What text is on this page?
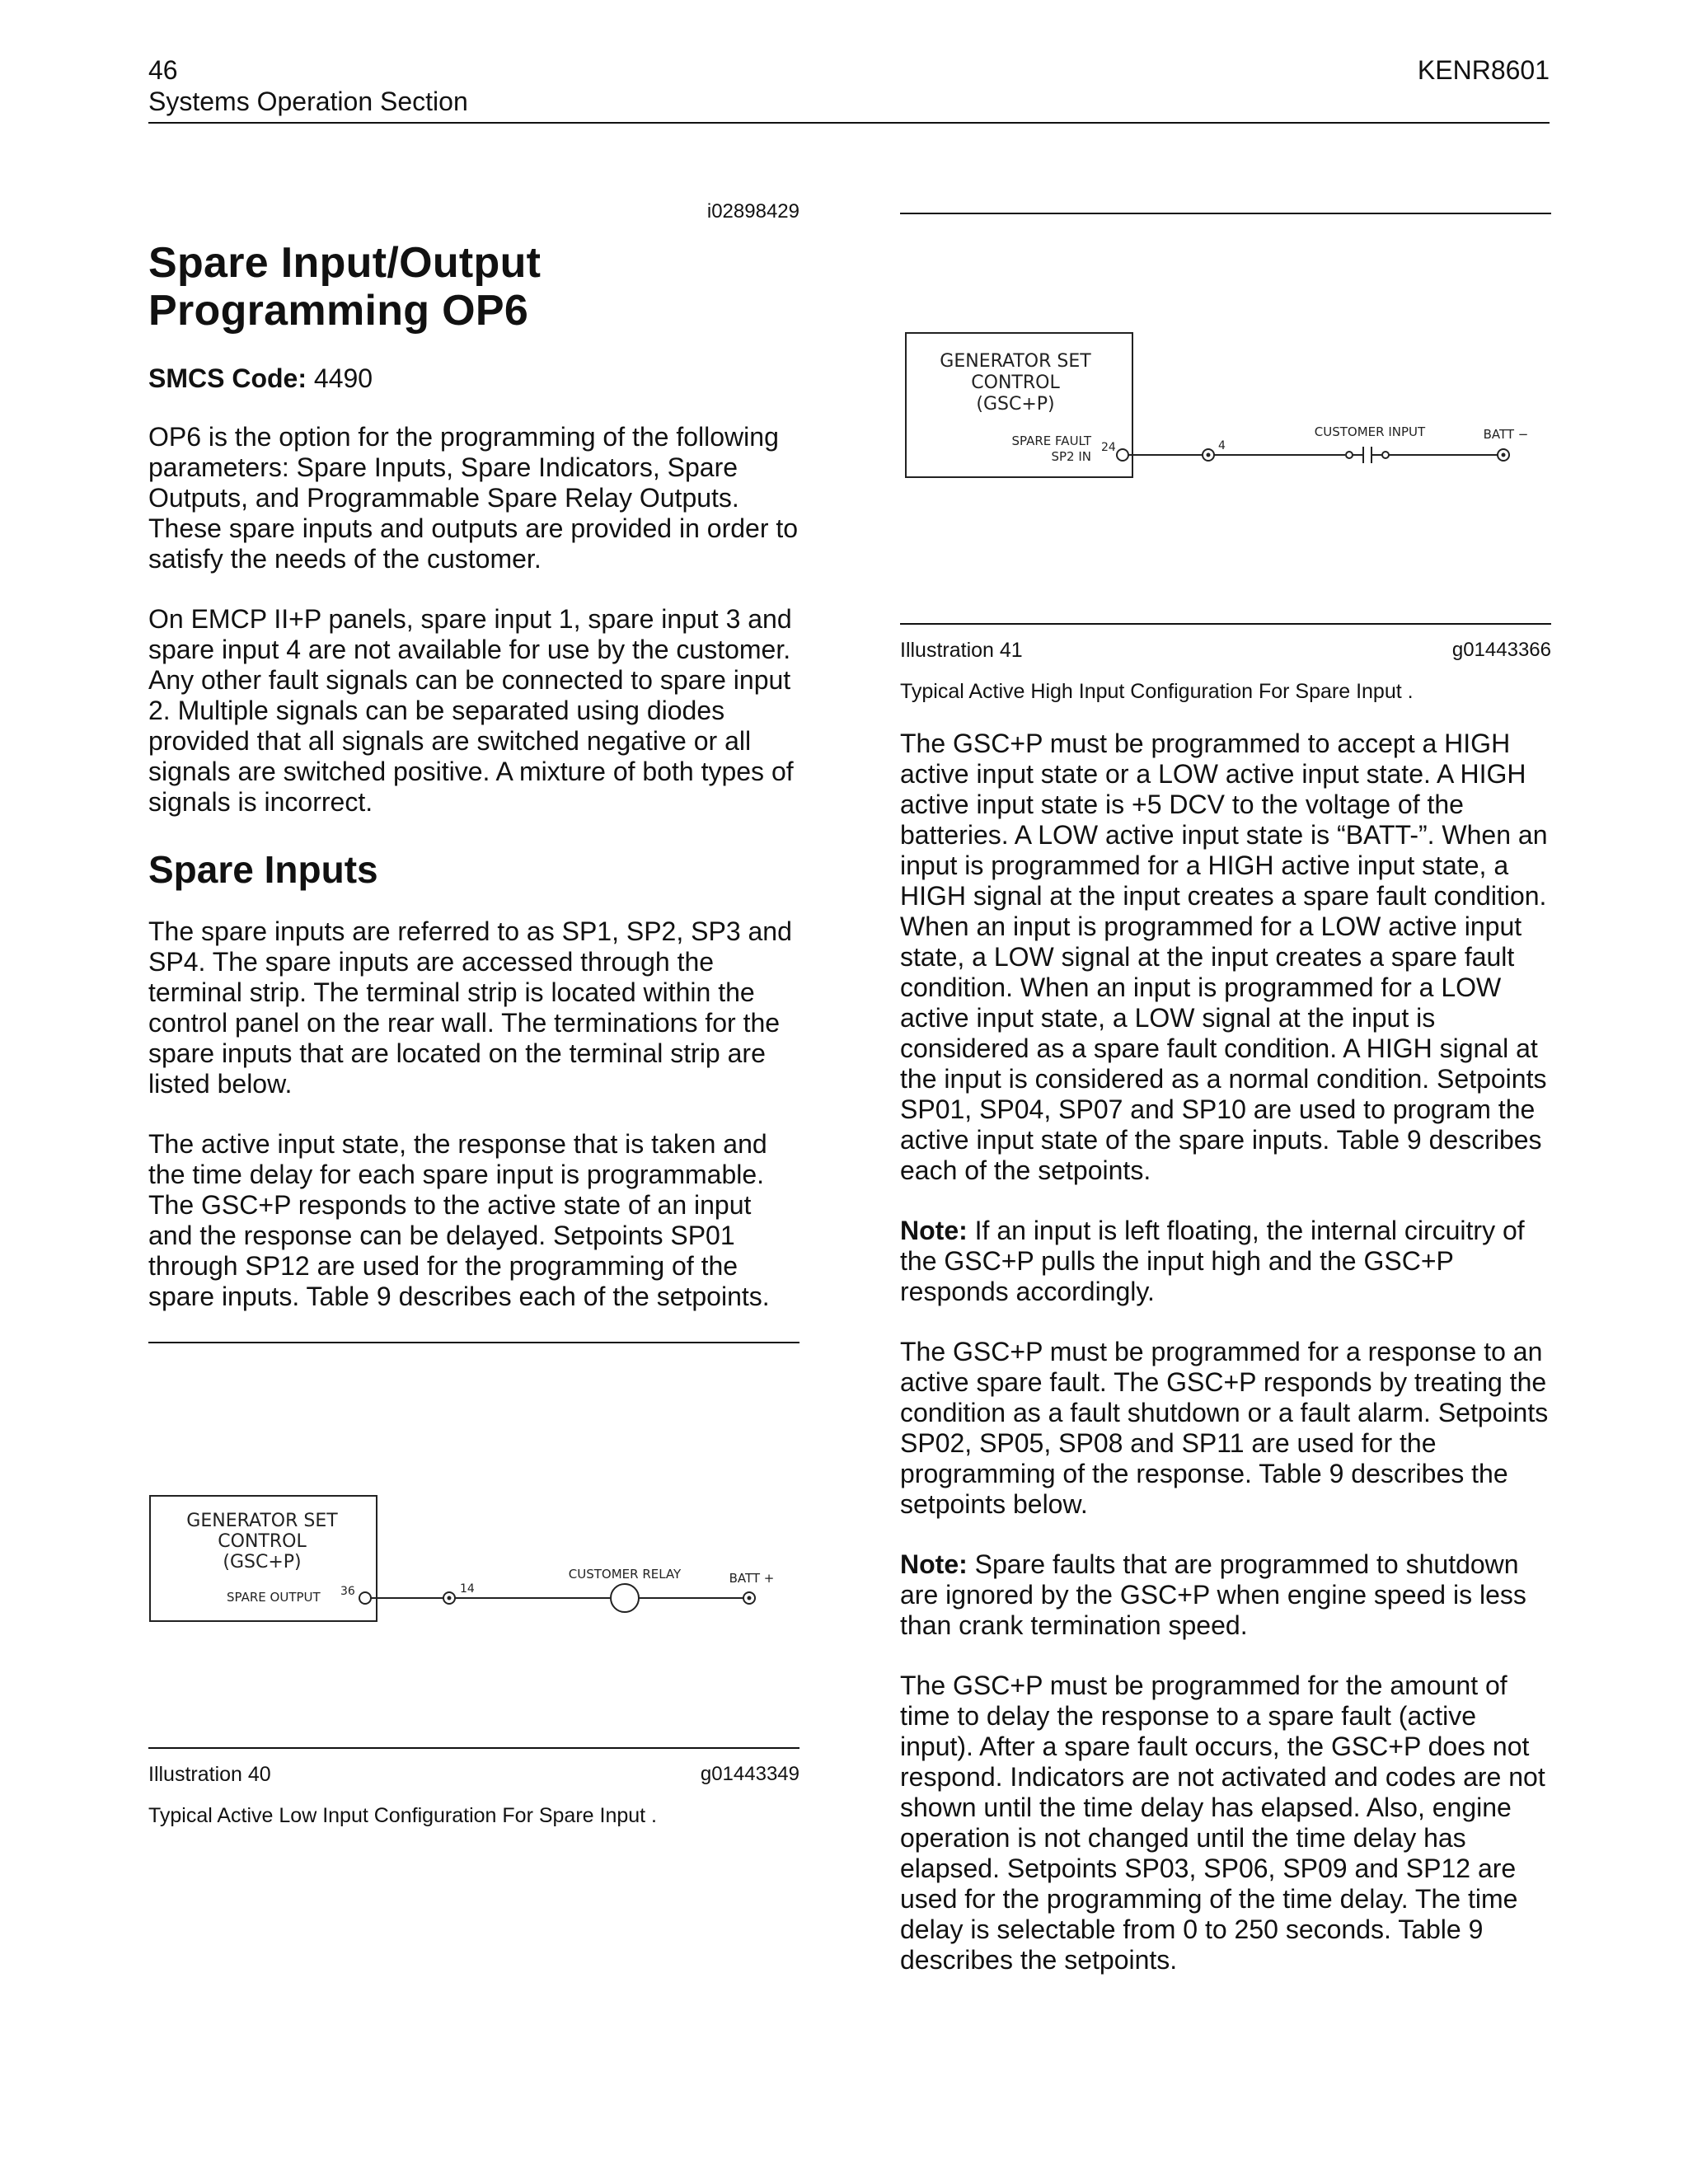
46	KENR8601
Systems Operation Section
i02898429
Spare Input/Output
Programming OP6
SMCS Code: 4490

OP6 is the option for the programming of the following parameters: Spare Inputs, Spare Indicators, Spare Outputs, and Programmable Spare Relay Outputs. These spare inputs and outputs are provided in order to satisfy the needs of the customer.

On EMCP II+P panels, spare input 1, spare input 3 and spare input 4 are not available for use by the customer. Any other fault signals can be connected to spare input 2. Multiple signals can be separated using diodes provided that all signals are switched negative or all signals are switched positive. A mixture of both types of signals is incorrect.

Spare Inputs

The spare inputs are referred to as SP1, SP2, SP3 and SP4. The spare inputs are accessed through the terminal strip. The terminal strip is located within the control panel on the rear wall. The terminations for the spare inputs that are located on the terminal strip are listed below.

The active input state, the response that is taken and the time delay for each spare input is programmable. The GSC+P responds to the active state of an input and the response can be delayed. Setpoints SP01 through SP12 are used for the programming of the spare inputs. Table 9 describes each of the setpoints.

GENERATOR SET
CONTROL
(GSC+P)
SPARE OUTPUT 36	14
CUSTOMER RELAY	BATT +
Illustration 40	g01443349
Typical Active Low Input Configuration For Spare Input .
GENERATOR SET
CONTROL
(GSC+P)
SPARE FAULT
SP2 IN
24	4
CUSTOMER INPUT	BATT −
Illustration 41	g01443366
Typical Active High Input Configuration For Spare Input .

The GSC+P must be programmed to accept a HIGH active input state or a LOW active input state. A HIGH active input state is +5 DCV to the voltage of the batteries. A LOW active input state is “BATT-”. When an input is programmed for a HIGH active input state, a HIGH signal at the input creates a spare fault condition. When an input is programmed for a LOW active input state, a LOW signal at the input creates a spare fault condition. When an input is programmed for a LOW active input state, a LOW signal at the input is considered as a spare fault condition. A HIGH signal at the input is considered as a normal condition. Setpoints SP01, SP04, SP07 and SP10 are used to program the active input state of the spare inputs. Table 9 describes each of the setpoints.

Note: If an input is left floating, the internal circuitry of the GSC+P pulls the input high and the GSC+P responds accordingly.

The GSC+P must be programmed for a response to an active spare fault. The GSC+P responds by treating the condition as a fault shutdown or a fault alarm. Setpoints SP02, SP05, SP08 and SP11 are used for the programming of the response. Table 9 describes the setpoints below.

Note: Spare faults that are programmed to shutdown are ignored by the GSC+P when engine speed is less than crank termination speed.

The GSC+P must be programmed for the amount of time to delay the response to a spare fault (active input). After a spare fault occurs, the GSC+P does not respond. Indicators are not activated and codes are not shown until the time delay has elapsed. Also, engine operation is not changed until the time delay has elapsed. Setpoints SP03, SP06, SP09 and SP12 are used for the programming of the time delay. The time delay is selectable from 0 to 250 seconds. Table 9 describes the setpoints.
